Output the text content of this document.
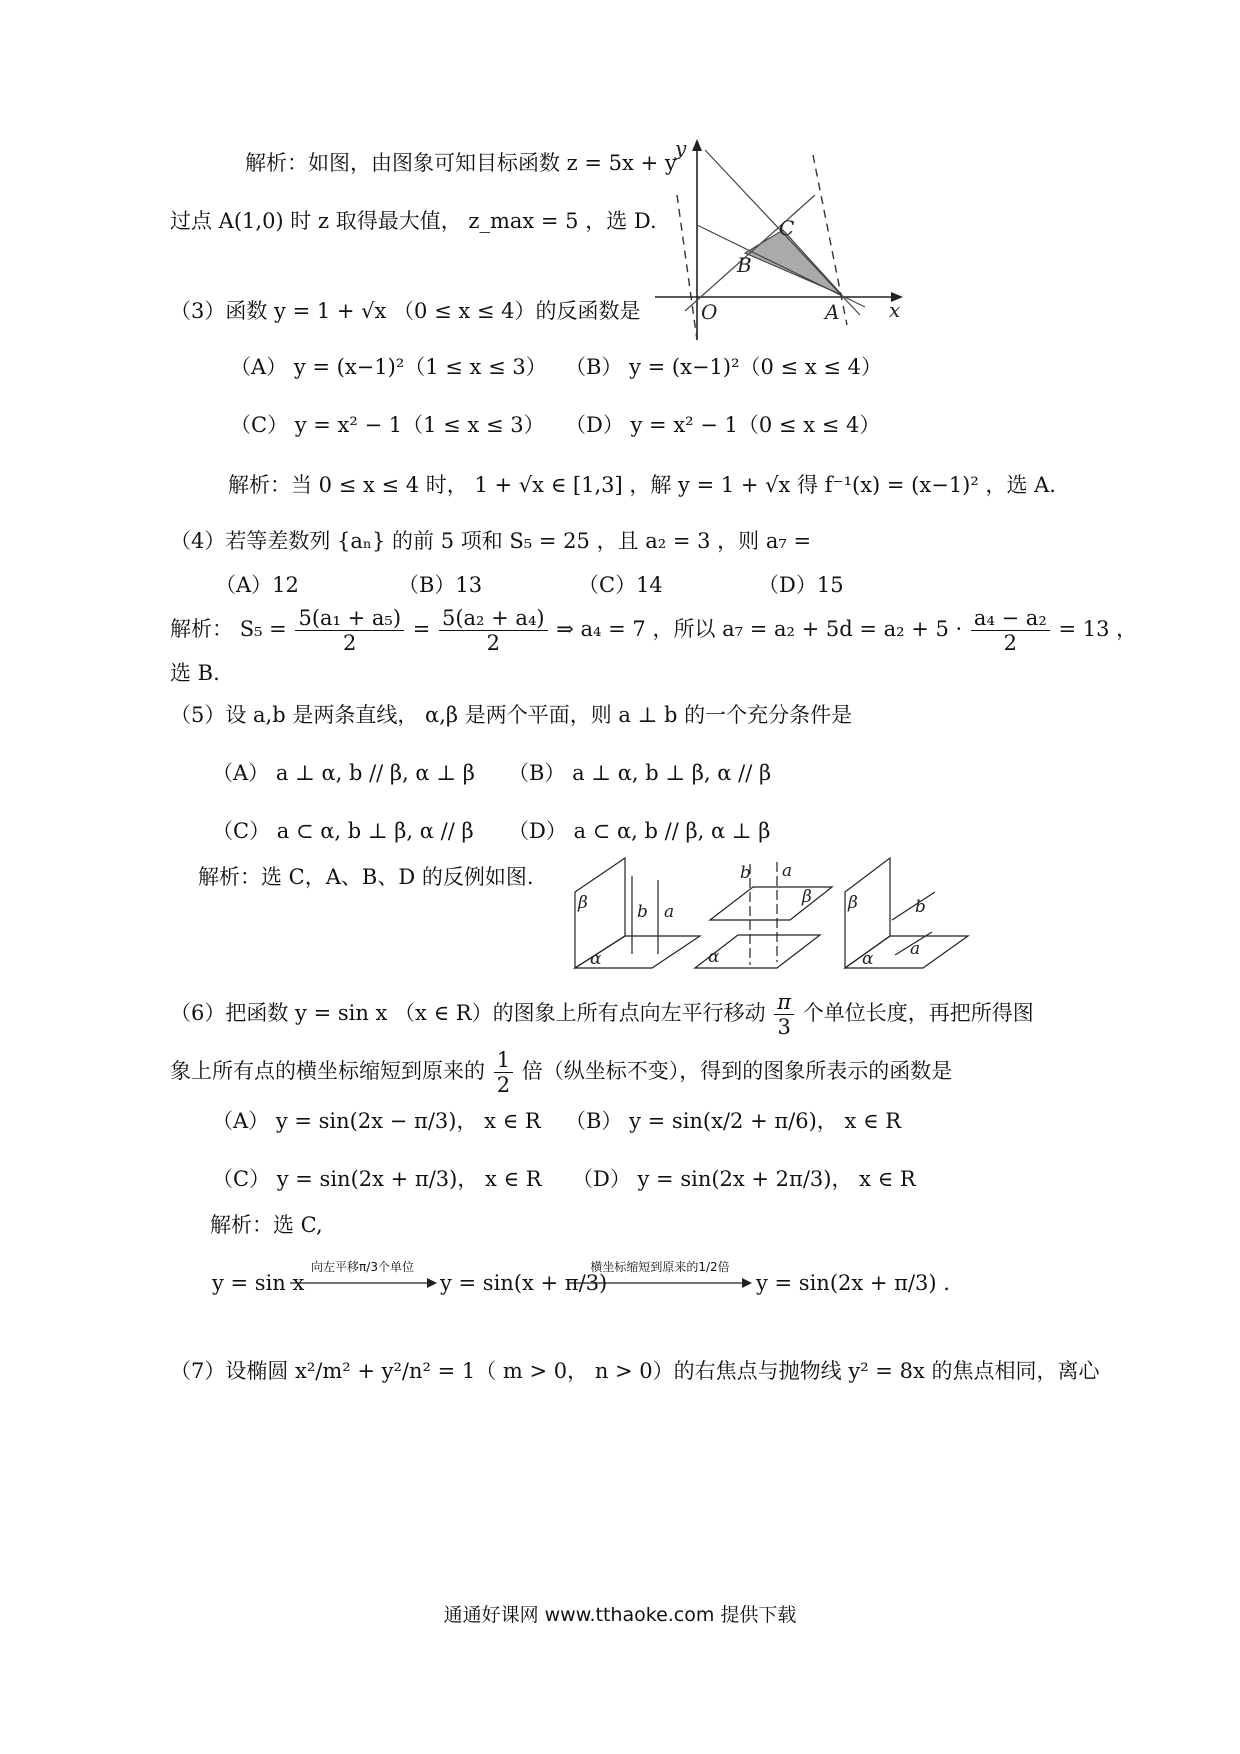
解析：如图，由图象可知目标函数 z = 5x + y
过点 A(1,0) 时 z 取得最大值， z_max = 5 ，选 D.
y
x
O	A
B
C
（3）函数 y = 1 + √x （0 ≤ x ≤ 4）的反函数是
（A） y = (x−1)²（1 ≤ x ≤ 3） （B） y = (x−1)²（0 ≤ x ≤ 4）
（C） y = x² − 1（1 ≤ x ≤ 3） （D） y = x² − 1（0 ≤ x ≤ 4）
解析：当 0 ≤ x ≤ 4 时， 1 + √x ∈ [1,3] ，解 y = 1 + √x 得 f⁻¹(x) = (x−1)² ，选 A.
（4）若等差数列 {aₙ} 的前 5 项和 S₅ = 25 ，且 a₂ = 3 ，则 a₇ =
（A）12	（B）13	（C）14	（D）15
解析： $S_5 = \frac{\text{5(a₁ + a₅)}}{2} = \frac{\text{5(a₂ + a₄)}}{2}$ ⇒ a₄ = 7 ，所以 $a_7 = a_2 + 5d = a_2 + 5 \cdot \frac{\text{a₄ − a₂}}{2} = 13$ ，
选 B.
（5）设 a,b 是两条直线， α,β 是两个平面，则 a ⊥ b 的一个充分条件是
（A） a ⊥ α, b // β, α ⊥ β （B） a ⊥ α, b ⊥ β, α // β
（C） a ⊂ α, b ⊥ β, α // β （D） a ⊂ α, b // β, α ⊥ β
解析：选 C，A、B、D 的反例如图.
β
α
b a
b a
β
α
β
α
b
a
（6）把函数 y = sin x （x ∈ R）的图象上所有点向左平行移动 $\frac{\pi}{3}$ 个单位长度，再把所得图
象上所有点的横坐标缩短到原来的 $\frac{1}{2}$ 倍（纵坐标不变），得到的图象所表示的函数是
（A） y = sin(2x − π/3)， x ∈ R （B） y = sin(x/2 + π/6)， x ∈ R
（C） y = sin(2x + π/3)， x ∈ R （D） y = sin(2x + 2π/3)， x ∈ R
解析：选 C,
y = sin x
向左平移π/3个单位
y = sin(x + π/3)
横坐标缩短到原来的1/2倍
y = sin(2x + π/3) .
（7）设椭圆 x²/m² + y²/n² = 1（ m > 0， n > 0）的右焦点与抛物线 y² = 8x 的焦点相同，离心
通通好课网 www.tthaoke.com 提供下载
